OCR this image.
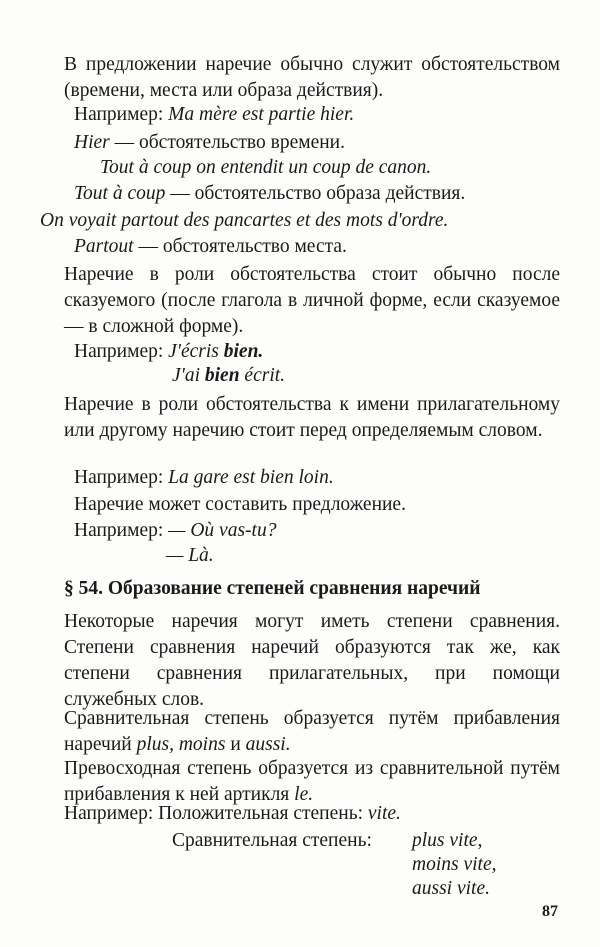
В предложении наречие обычно служит обстоятельством (времени, места или образа действия).

Например: Ma mère est partie hier.
Hier — обстоятельство времени.
Tout à coup on entendit un coup de canon.
Tout à coup — обстоятельство образа действия.
On voyait partout des pancartes et des mots d'ordre.
Partout — обстоятельство места.

Наречие в роли обстоятельства стоит обычно после сказуемого (после глагола в личной форме, если сказуемое — в сложной форме).

Например: J'écris bien.
J'ai bien écrit.

Наречие в роли обстоятельства к имени прилагательному или другому наречию стоит перед определяемым словом.

Например: La gare est bien loin.
Наречие может составить предложение.
Например: — Où vas-tu?
— Là.
§ 54. Образование степеней сравнения наречий

Некоторые наречия могут иметь степени сравнения. Степени сравнения наречий образуются так же, как степени сравнения прилагательных, при помощи служебных слов.

Сравнительная степень образуется путём прибавления наречий plus, moins и aussi.

Превосходная степень образуется из сравнительной путём прибавления к ней артикля le.

Например: Положительная степень: vite.
Сравнительная степень: plus vite,
moins vite,
aussi vite.
87
